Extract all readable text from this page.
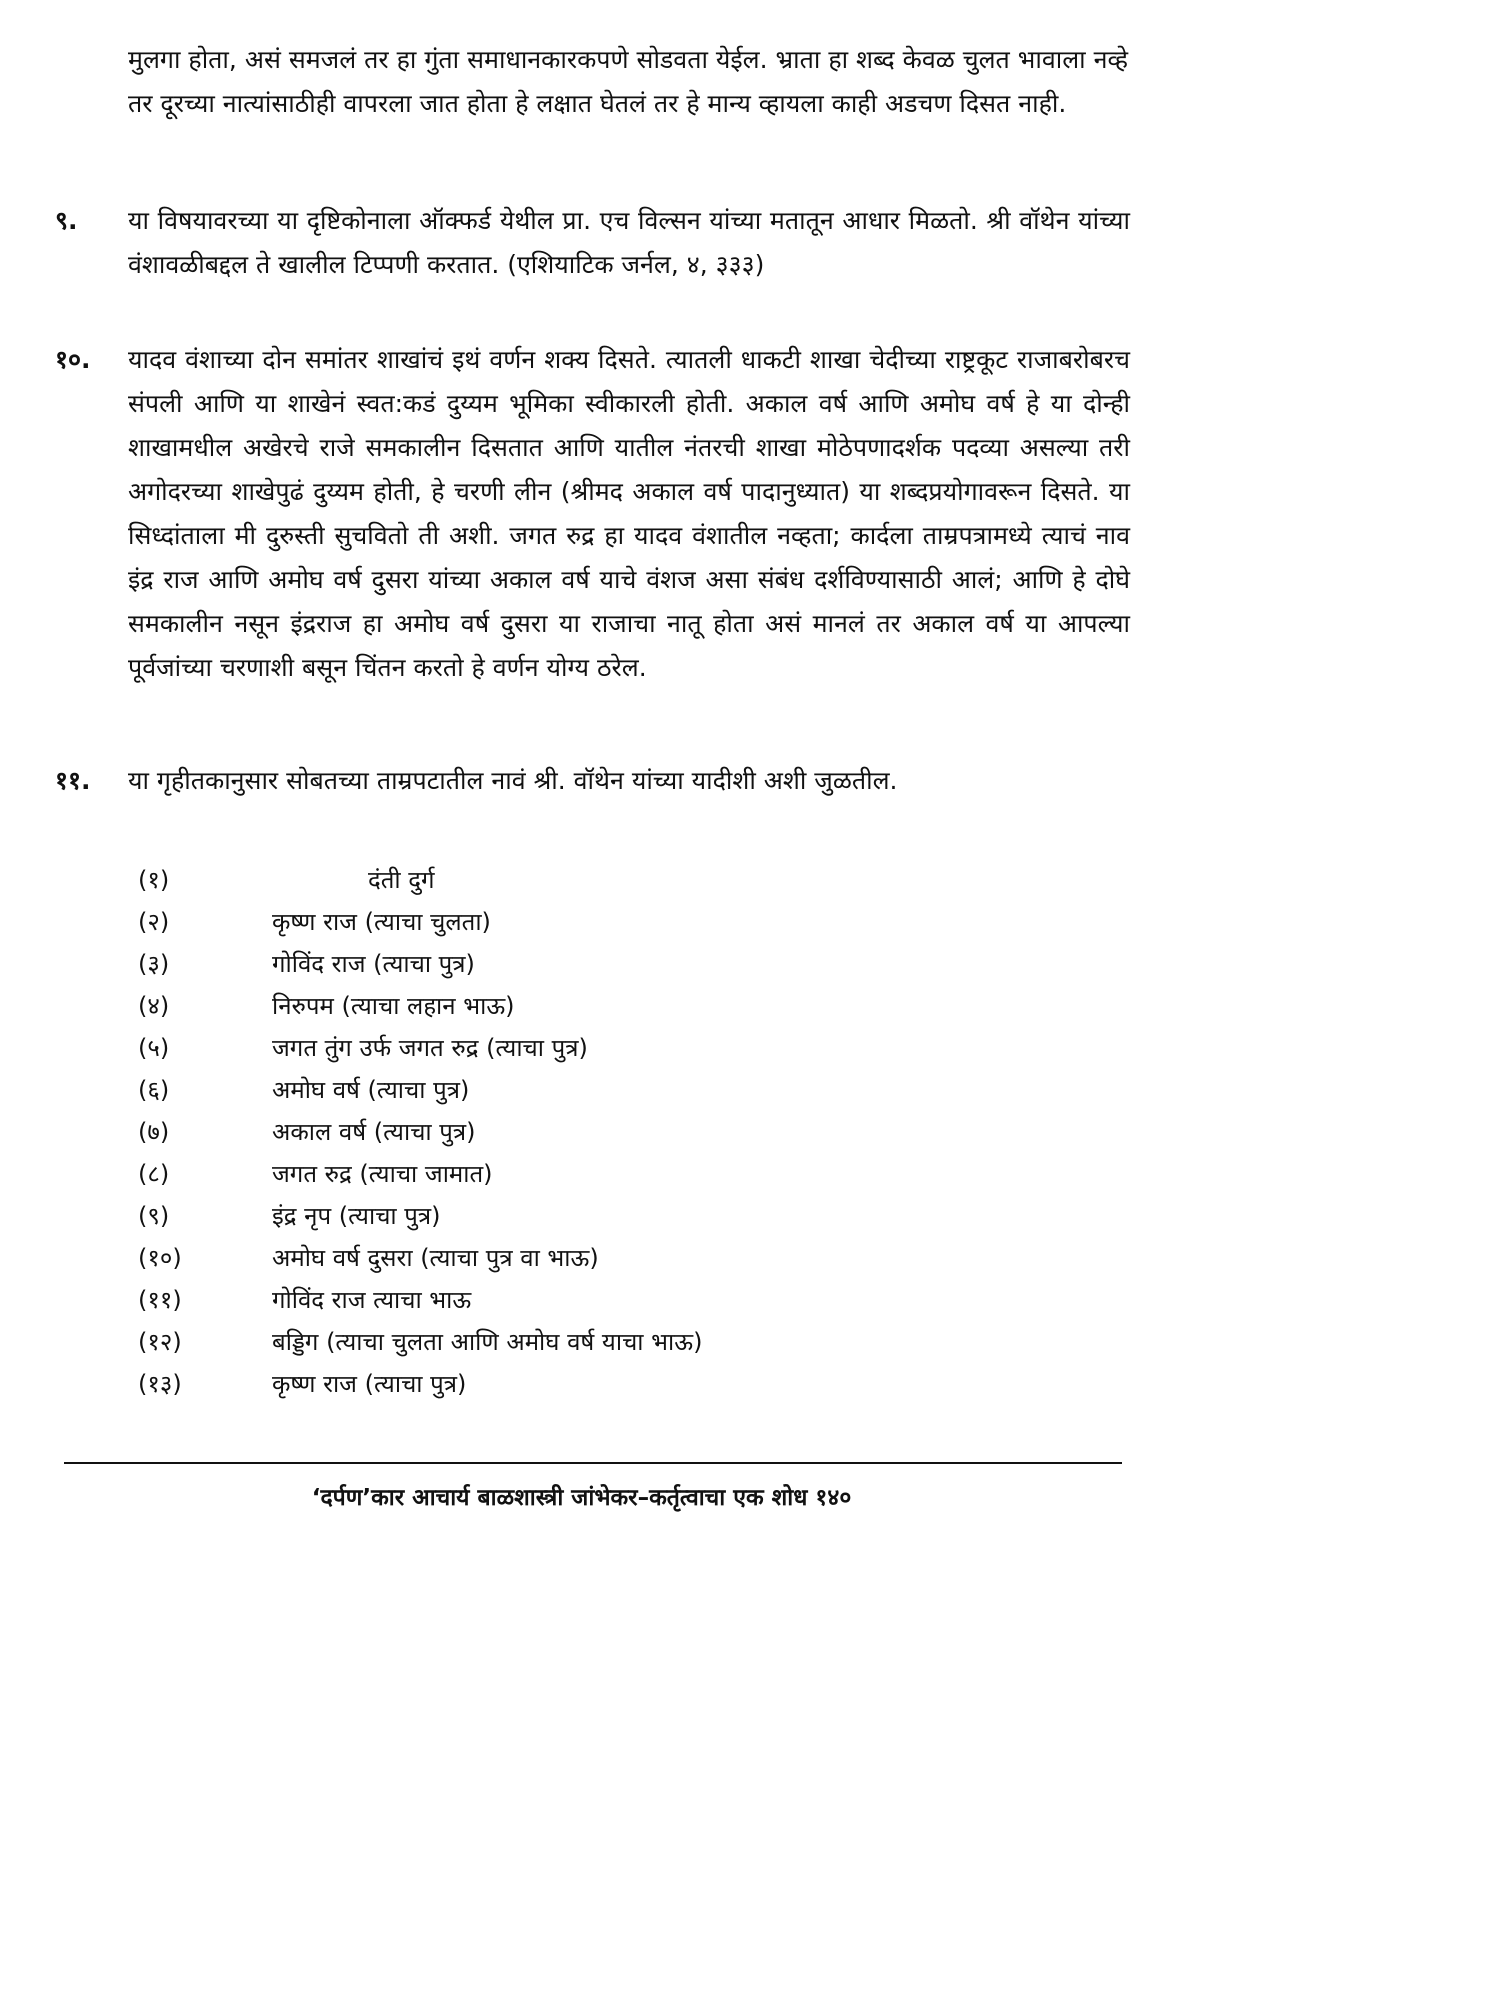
मुलगा होता, असं समजलं तर हा गुंता समाधानकारकपणे सोडवता येईल. भ्राता हा शब्द केवळ चुलत भावाला नव्हे तर दूरच्या नात्यांसाठीही वापरला जात होता हे लक्षात घेतलं तर हे मान्य व्हायला काही अडचण दिसत नाही.

९. या विषयावरच्या या दृष्टिकोनाला ऑक्फर्ड येथील प्रा. एच विल्सन यांच्या मतातून आधार मिळतो. श्री वॉथेन यांच्या वंशावळीबद्दल ते खालील टिप्पणी करतात. (एशियाटिक जर्नल, ४, ३३३)
१०. यादव वंशाच्या दोन समांतर शाखांचं इथं वर्णन शक्य दिसते. त्यातली धाकटी शाखा चेदीच्या राष्ट्रकूट राजाबरोबरच संपली आणि या शाखेनं स्वत:कडं दुय्यम भूमिका स्वीकारली होती. अकाल वर्ष आणि अमोघ वर्ष हे या दोन्ही शाखामधील अखेरचे राजे समकालीन दिसतात आणि यातील नंतरची शाखा मोठेपणादर्शक पदव्या असल्या तरी अगोदरच्या शाखेपुढं दुय्यम होती, हे चरणी लीन (श्रीमद अकाल वर्ष पादानुध्यात) या शब्दप्रयोगावरून दिसते. या सिध्दांताला मी दुरुस्ती सुचवितो ती अशी. जगत रुद्र हा यादव वंशातील नव्हता; कार्दला ताम्रपत्रामध्ये त्याचं नाव इंद्र राज आणि अमोघ वर्ष दुसरा यांच्या अकाल वर्ष याचे वंशज असा संबंध दर्शविण्यासाठी आलं; आणि हे दोघे समकालीन नसून इंद्रराज हा अमोघ वर्ष दुसरा या राजाचा नातू होता असं मानलं तर अकाल वर्ष या आपल्या पूर्वजांच्या चरणाशी बसून चिंतन करतो हे वर्णन योग्य ठरेल.
११. या गृहीतकानुसार सोबतच्या ताम्रपटातील नावं श्री. वॉथेन यांच्या यादीशी अशी जुळतील.
(१)	दंती दुर्ग
(२)	कृष्ण राज (त्याचा चुलता)
(३)	गोविंद राज (त्याचा पुत्र)
(४)	निरुपम (त्याचा लहान भाऊ)
(५)	जगत तुंग उर्फ जगत रुद्र (त्याचा पुत्र)
(६)	अमोघ वर्ष (त्याचा पुत्र)
(७)	अकाल वर्ष (त्याचा पुत्र)
(८)	जगत रुद्र (त्याचा जामात)
(९)	इंद्र नृप (त्याचा पुत्र)
(१०)	अमोघ वर्ष दुसरा (त्याचा पुत्र वा भाऊ)
(११)	गोविंद राज त्याचा भाऊ
(१२)	बड्डिग (त्याचा चुलता आणि अमोघ वर्ष याचा भाऊ)
(१३)	कृष्ण राज (त्याचा पुत्र)
‘दर्पण’कार आचार्य बाळशास्त्री जांभेकर–कर्तृत्वाचा एक शोध १४०
